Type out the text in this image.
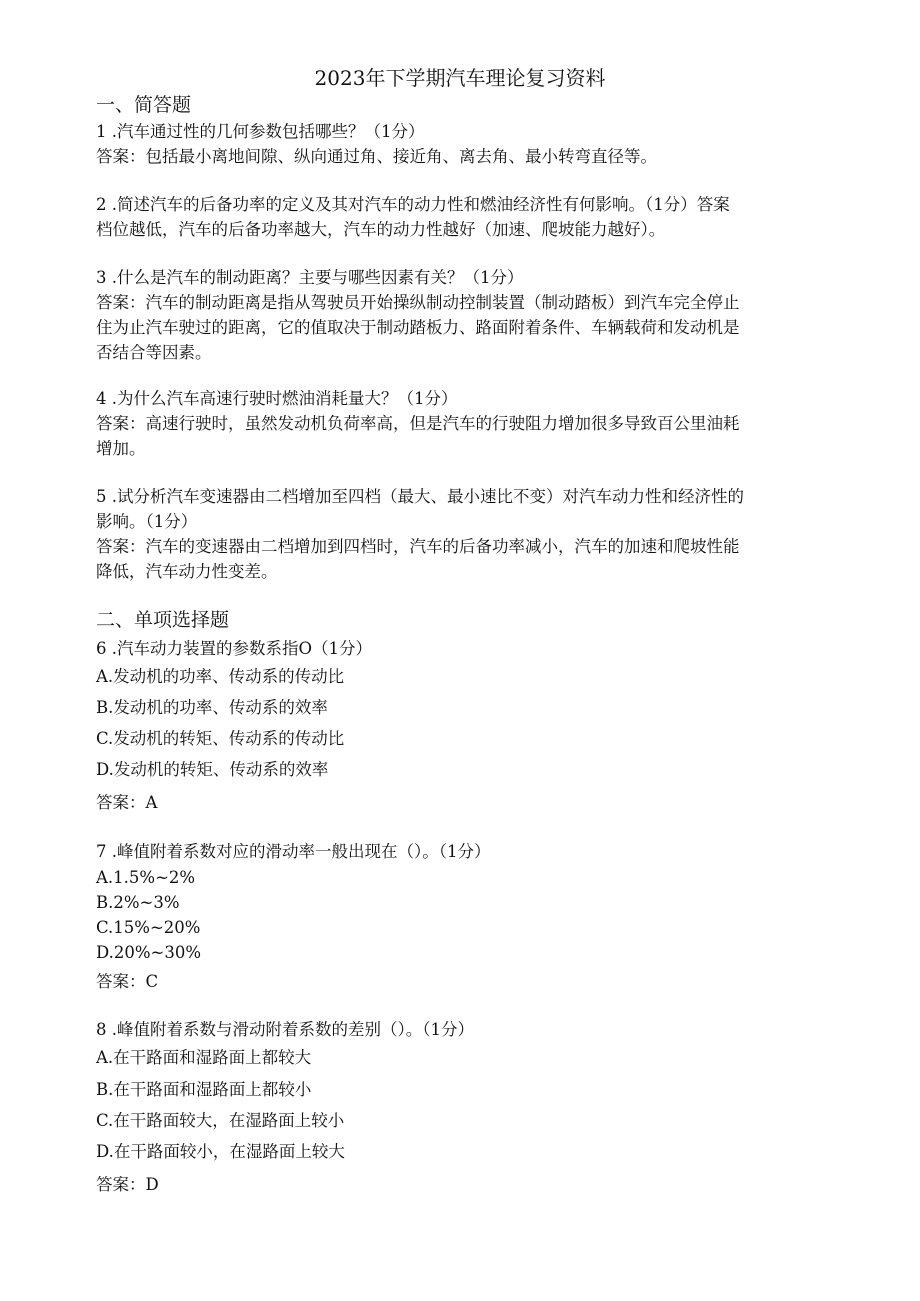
2023年下学期汽车理论复习资料
一、简答题
1 .汽车通过性的几何参数包括哪些？（1分）
答案：包括最小离地间隙、纵向通过角、接近角、离去角、最小转弯直径等。
2 .简述汽车的后备功率的定义及其对汽车的动力性和燃油经济性有何影响。（1分）答案
档位越低，汽车的后备功率越大，汽车的动力性越好（加速、爬坡能力越好）。
3 .什么是汽车的制动距离？主要与哪些因素有关？（1分）
答案：汽车的制动距离是指从驾驶员开始操纵制动控制装置（制动踏板）到汽车完全停止
住为止汽车驶过的距离，它的值取决于制动踏板力、路面附着条件、车辆载荷和发动机是
否结合等因素。
4 .为什么汽车高速行驶时燃油消耗量大？（1分）
答案：高速行驶时，虽然发动机负荷率高，但是汽车的行驶阻力增加很多导致百公里油耗
增加。
5 .试分析汽车变速器由二档增加至四档（最大、最小速比不变）对汽车动力性和经济性的
影响。（1分）
答案：汽车的变速器由二档增加到四档时，汽车的后备功率减小，汽车的加速和爬坡性能
降低，汽车动力性变差。
二、单项选择题
6 .汽车动力装置的参数系指O（1分）
A.发动机的功率、传动系的传动比
B.发动机的功率、传动系的效率
C.发动机的转矩、传动系的传动比
D.发动机的转矩、传动系的效率
答案：A
7 .峰值附着系数对应的滑动率一般出现在（）。（1分）
A.1.5%~2%
B.2%~3%
C.15%~20%
D.20%~30%
答案：C
8 .峰值附着系数与滑动附着系数的差别（）。（1分）
A.在干路面和湿路面上都较大
B.在干路面和湿路面上都较小
C.在干路面较大，在湿路面上较小
D.在干路面较小，在湿路面上较大
答案：D
